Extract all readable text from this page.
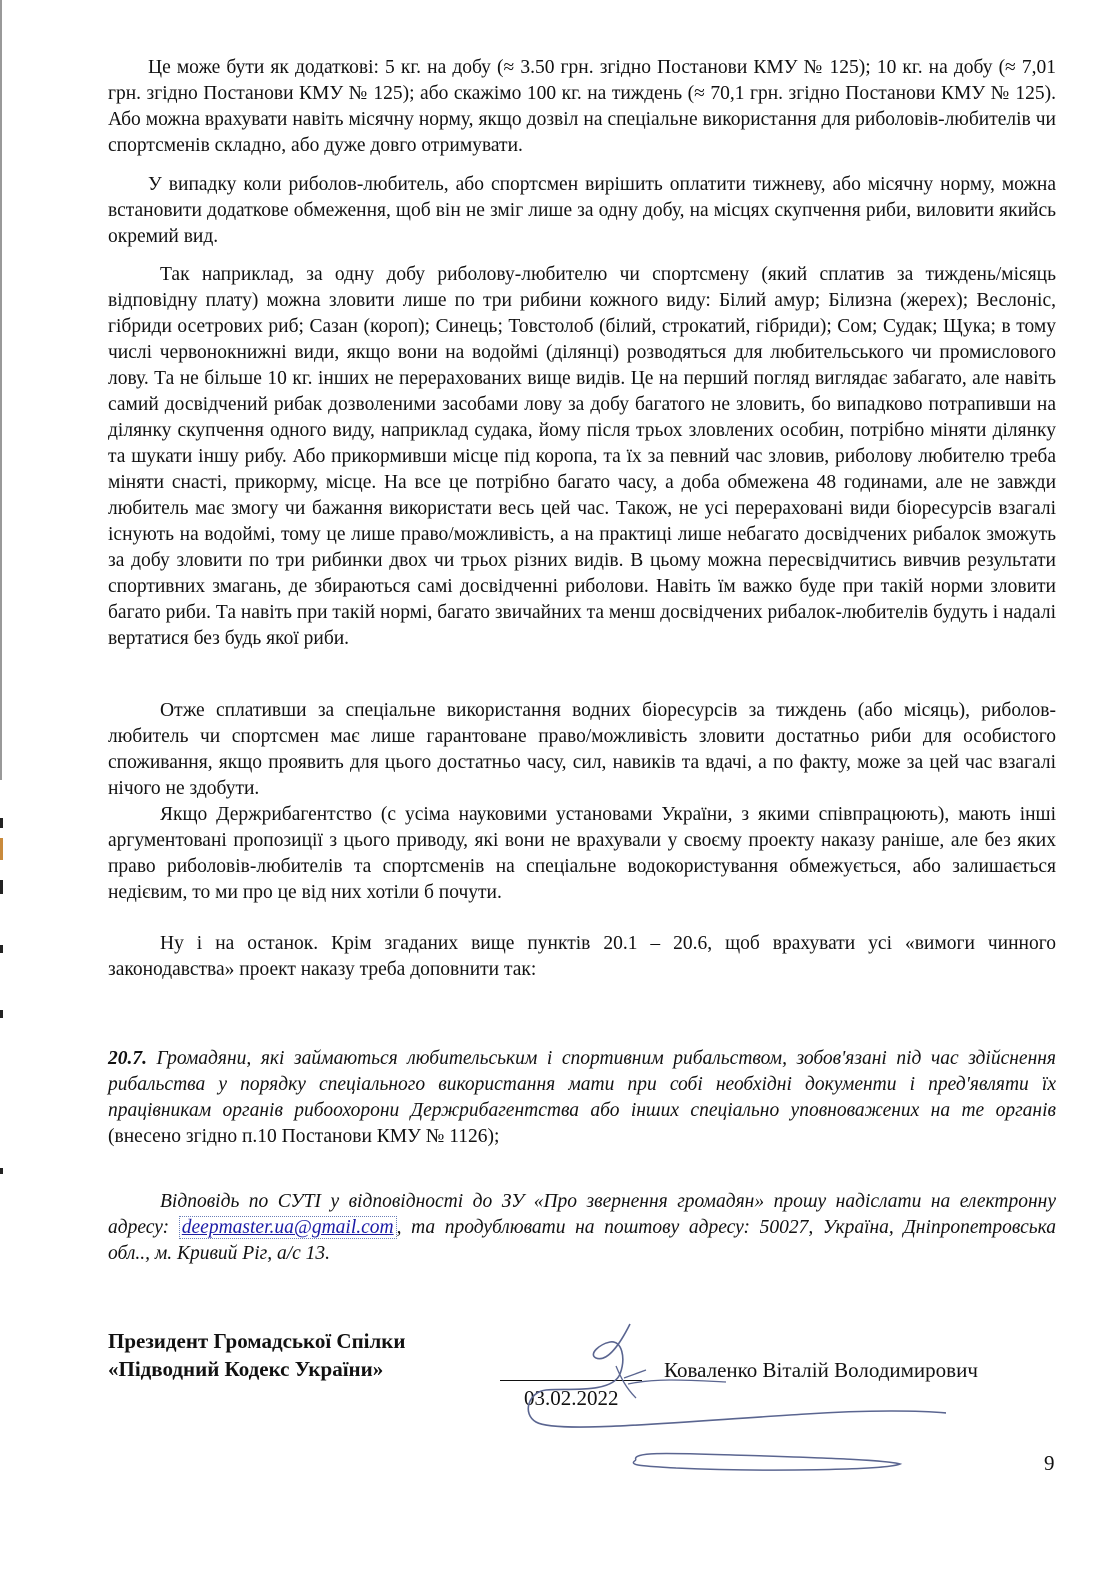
Це може бути як додаткові: 5 кг. на добу (≈ 3.50 грн. згідно Постанови КМУ № 125); 10 кг. на добу (≈ 7,01 грн. згідно Постанови КМУ № 125); або скажімо 100 кг. на тиждень (≈ 70,1 грн. згідно Постанови КМУ № 125). Або можна врахувати навіть місячну норму, якщо дозвіл на спеціальне використання для риболовів-любителів чи спортсменів складно, або дуже довго отримувати.

У випадку коли риболов-любитель, або спортсмен вирішить оплатити тижневу, або місячну норму, можна встановити додаткове обмеження, щоб він не зміг лише за одну добу, на місцях скупчення риби, виловити якийсь окремий вид.

Так наприклад, за одну добу риболову-любителю чи спортсмену (який сплатив за тиждень/місяць відповідну плату) можна зловити лише по три рибини кожного виду: Білий амур; Білизна (жерех); Веслоніс, гібриди осетрових риб; Сазан (короп); Синець; Товстолоб (білий, строкатий, гібриди); Сом; Судак; Щука; в тому числі червонокнижні види, якщо вони на водоймі (ділянці) розводяться для любительського чи промислового лову. Та не більше 10 кг. інших не перерахованих вище видів. Це на перший погляд виглядає забагато, але навіть самий досвідчений рибак дозволеними засобами лову за добу багатого не зловить, бо випадково потрапивши на ділянку скупчення одного виду, наприклад судака, йому після трьох зловлених особин, потрібно міняти ділянку та шукати іншу рибу. Або прикормивши місце під коропа, та їх за певний час зловив, риболову любителю треба міняти снасті, прикорму, місце. На все це потрібно багато часу, а доба обмежена 48 годинами, але не завжди любитель має змогу чи бажання використати весь цей час. Також, не усі перераховані види біоресурсів взагалі існують на водоймі, тому це лише право/можливість, а на практиці лише небагато досвідчених рибалок зможуть за добу зловити по три рибинки двох чи трьох різних видів. В цьому можна пересвідчитись вивчив результати спортивних змагань, де збираються самі досвідченні риболови. Навіть їм важко буде при такій норми зловити багато риби. Та навіть при такій нормі, багато звичайних та менш досвідчених рибалок-любителів будуть і надалі вертатися без будь якої риби.

Отже сплативши за спеціальне використання водних біоресурсів за тиждень (або місяць), риболов-любитель чи спортсмен має лише гарантоване право/можливість зловити достатньо риби для особистого споживання, якщо проявить для цього достатньо часу, сил, навиків та вдачі, а по факту, може за цей час взагалі нічого не здобути.

Якщо Держрибагентство (с усіма науковими установами України, з якими співпрацюють), мають інші аргументовані пропозиції з цього приводу, які вони не врахували у своєму проекту наказу раніше, але без яких право риболовів-любителів та спортсменів на спеціальне водокористування обмежується, або залишається недієвим, то ми про це від них хотіли б почути.

Ну і на останок. Крім згаданих вище пунктів 20.1 – 20.6, щоб врахувати усі «вимоги чинного законодавства» проект наказу треба доповнити так:

20.7. Громадяни, які займаються любительським і спортивним рибальством, зобов'язані під час здійснення рибальства у порядку спеціального використання мати при собі необхідні документи і пред'являти їх працівникам органів рибоохорони Держрибагентства або інших спеціально уповноважених на те органів (внесено згідно п.10 Постанови КМУ № 1126);

Відповідь по СУТІ у відповідності до ЗУ «Про звернення громадян» прошу надіслати на електронну адресу: deepmaster.ua@gmail.com , та продублювати на поштову адресу: 50027, Україна, Дніпропетровська обл.., м. Кривий Ріг, а/с 13.

Президент Громадської Спілки
«Підводний Кодекс України»
03.02.2022
Коваленко Віталій Володимирович
9
